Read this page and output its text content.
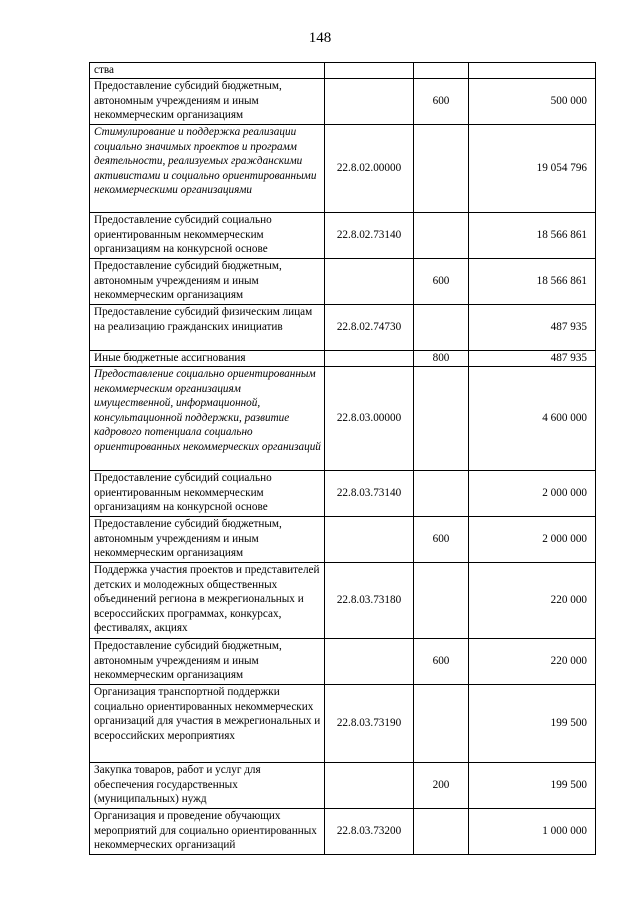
148
ства			
Предоставление субсидий бюджетным, автономным учреждениям и иным некоммерческим организациям		600	500 000
Стимулирование и поддержка реализации социально значимых проектов и программ деятельности, реализуемых гражданскими активистами и социально ориентированными некоммерческими организациями	22.8.02.00000		19 054 796
Предоставление субсидий социально ориентированным некоммерческим организациям на конкурсной основе	22.8.02.73140		18 566 861
Предоставление субсидий бюджетным, автономным учреждениям и иным некоммерческим организациям		600	18 566 861
Предоставление субсидий физическим лицам на реализацию гражданских инициатив	22.8.02.74730		487 935
Иные бюджетные ассигнования		800	487 935
Предоставление социально ориентированным некоммерческим организациям имущественной, информационной, консультационной поддержки, развитие кадрового потенциала социально ориентированных некоммерческих организаций	22.8.03.00000		4 600 000
Предоставление субсидий социально ориентированным некоммерческим организациям на конкурсной основе	22.8.03.73140		2 000 000
Предоставление субсидий бюджетным, автономным учреждениям и иным некоммерческим организациям		600	2 000 000
Поддержка участия проектов и представителей детских и молодежных общественных объединений региона в межрегиональных и всероссийских программах, конкурсах, фестивалях, акциях	22.8.03.73180		220 000
Предоставление субсидий бюджетным, автономным учреждениям и иным некоммерческим организациям		600	220 000
Организация транспортной поддержки социально ориентированных некоммерческих организаций для участия в межрегиональных и всероссийских мероприятиях	22.8.03.73190		199 500
Закупка товаров, работ и услуг для обеспечения государственных (муниципальных) нужд		200	199 500
Организация и проведение обучающих мероприятий для социально ориентированных некоммерческих организаций	22.8.03.73200		1 000 000
